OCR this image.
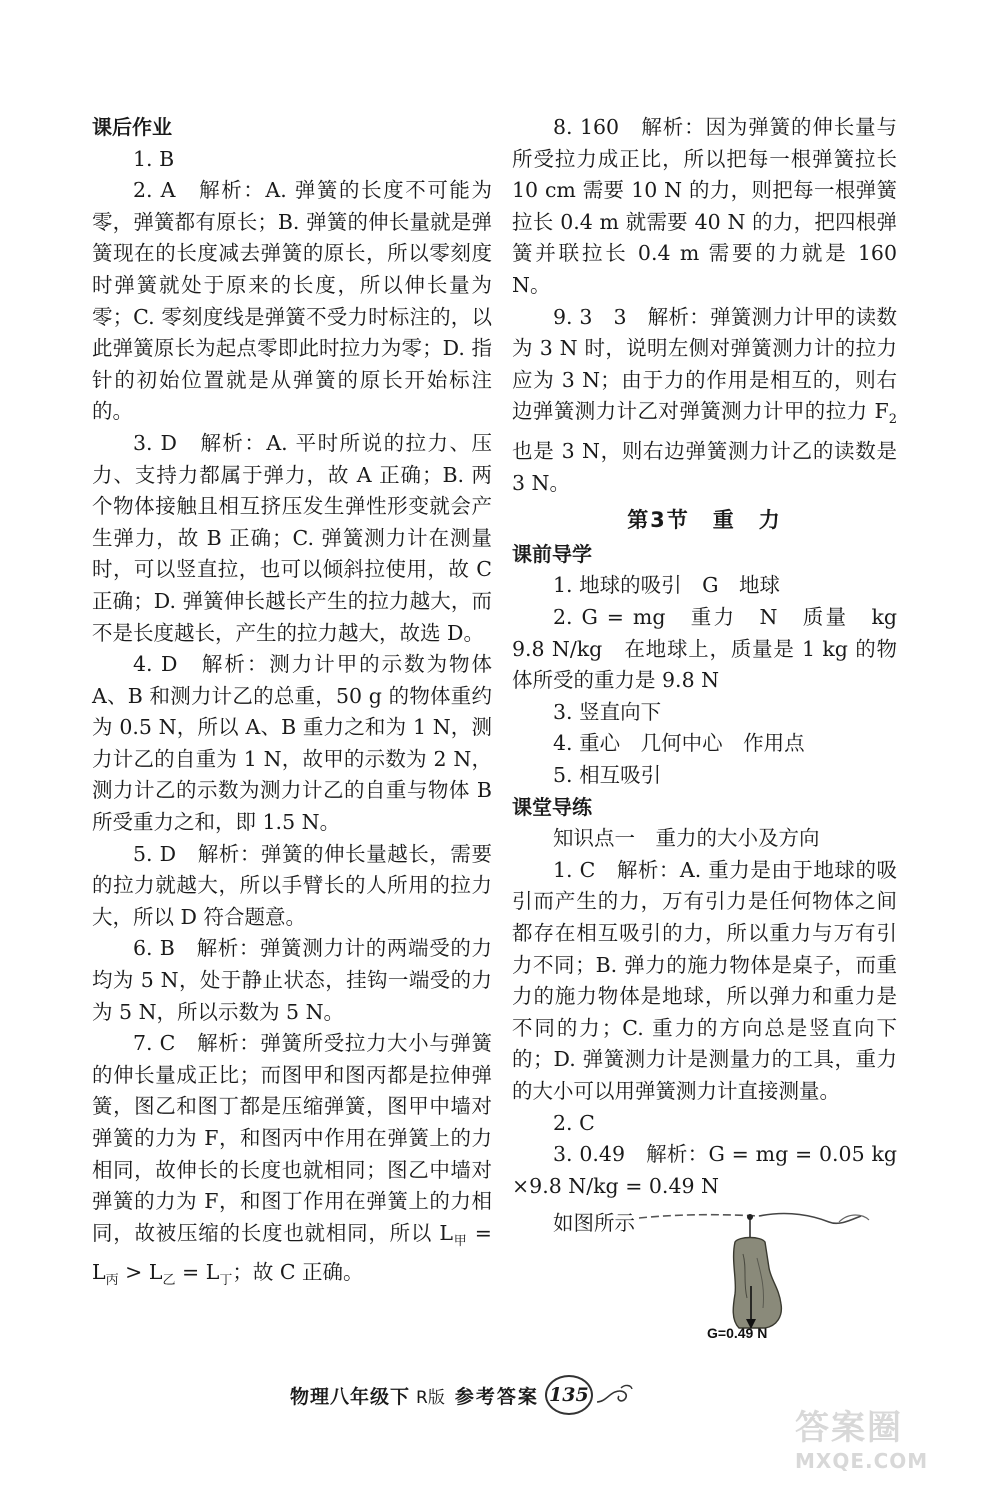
课后作业

1. B

2. A　解析：A. 弹簧的长度不可能为零，弹簧都有原长；B. 弹簧的伸长量就是弹簧现在的长度减去弹簧的原长，所以零刻度时弹簧就处于原来的长度，所以伸长量为零；C. 零刻度线是弹簧不受力时标注的，以此弹簧原长为起点零即此时拉力为零；D. 指针的初始位置就是从弹簧的原长开始标注的。

3. D　解析：A. 平时所说的拉力、压力、支持力都属于弹力，故 A 正确；B. 两个物体接触且相互挤压发生弹性形变就会产生弹力，故 B 正确；C. 弹簧测力计在测量时，可以竖直拉，也可以倾斜拉使用，故 C 正确；D. 弹簧伸长越长产生的拉力越大，而不是长度越长，产生的拉力越大，故选 D。

4. D　解析：测力计甲的示数为物体 A、B 和测力计乙的总重，50 g 的物体重约为 0.5 N，所以 A、B 重力之和为 1 N，测力计乙的自重为 1 N，故甲的示数为 2 N，测力计乙的示数为测力计乙的自重与物体 B 所受重力之和，即 1.5 N。

5. D　解析：弹簧的伸长量越长，需要的拉力就越大，所以手臂长的人所用的拉力大，所以 D 符合题意。

6. B　解析：弹簧测力计的两端受的力均为 5 N，处于静止状态，挂钩一端受的力为 5 N，所以示数为 5 N。

7. C　解析：弹簧所受拉力大小与弹簧的伸长量成正比；而图甲和图丙都是拉伸弹簧，图乙和图丁都是压缩弹簧，图甲中墙对弹簧的力为 F，和图丙中作用在弹簧上的力相同，故伸长的长度也就相同；图乙中墙对弹簧的力为 F，和图丁作用在弹簧上的力相同，故被压缩的长度也就相同，所以 $L_甲 = L_丙 > L_乙 = L_丁$；故 C 正确。

8. 160　解析：因为弹簧的伸长量与所受拉力成正比，所以把每一根弹簧拉长 10 cm 需要 10 N 的力，则把每一根弹簧拉长 0.4 m 就需要 40 N 的力，把四根弹簧并联拉长 0.4 m 需要的力就是 160 N。

9. 3　3　解析：弹簧测力计甲的读数为 3 N 时，说明左侧对弹簧测力计的拉力应为 3 N；由于力的作用是相互的，则右边弹簧测力计乙对弹簧测力计甲的拉力 $F_2$ 也是 3 N，则右边弹簧测力计乙的读数是 3 N。

第3节　重　力

课前导学

1. 地球的吸引　G　地球

2. G = mg　重力　N　质量　kg　9.8 N/kg　在地球上，质量是 1 kg 的物体所受的重力是 9.8 N

3. 竖直向下

4. 重心　几何中心　作用点

5. 相互吸引

课堂导练

知识点一　重力的大小及方向

1. C　解析：A. 重力是由于地球的吸引而产生的力，万有引力是任何物体之间都存在相互吸引的力，所以重力与万有引力不同；B. 弹力的施力物体是桌子，而重力的施力物体是地球，所以弹力和重力是不同的力；C. 重力的方向总是竖直向下的；D. 弹簧测力计是测量力的工具，重力的大小可以用弹簧测力计直接测量。

2. C

3. 0.49　解析：G = mg = 0.05 kg ×9.8 N/kg = 0.49 N

如图所示
G=0.49 N
物理八年级下 R版 参考答案 135
答案圈
MXQE.COM
